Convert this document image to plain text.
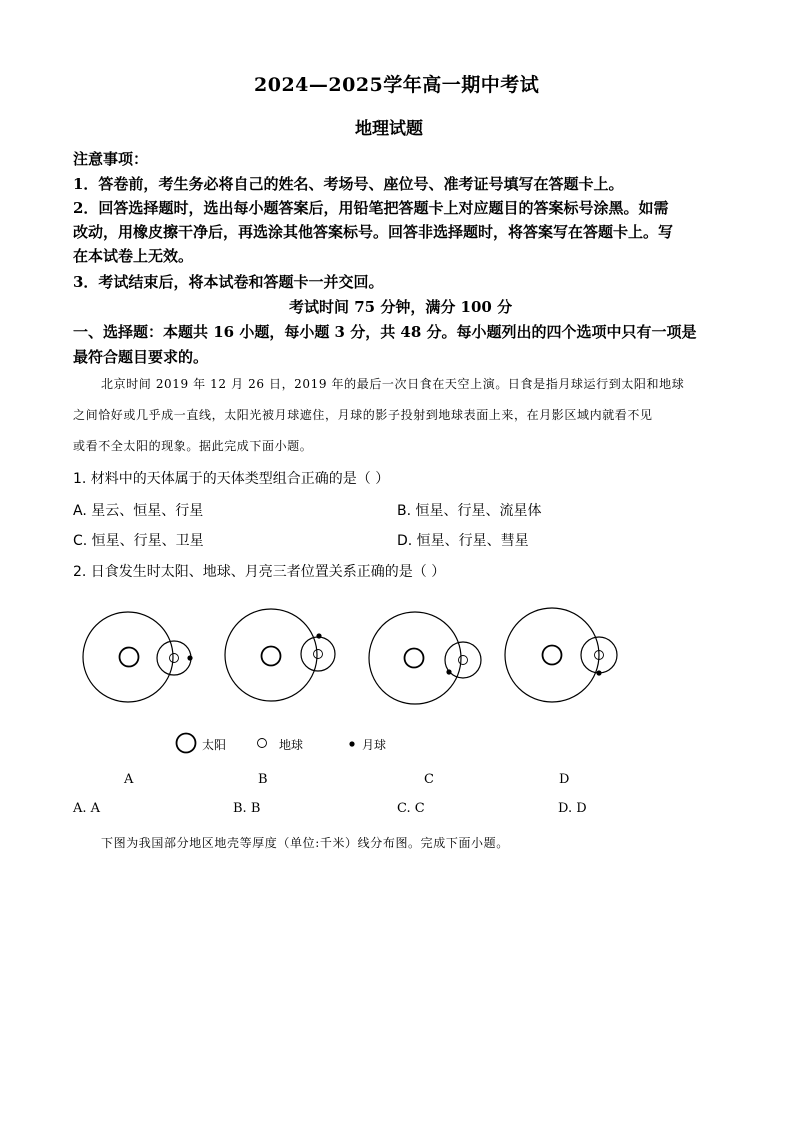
2024—2025学年高一期中考试
地理试题
注意事项：
1．答卷前，考生务必将自己的姓名、考场号、座位号、准考证号填写在答题卡上。
2．回答选择题时，选出每小题答案后，用铅笔把答题卡上对应题目的答案标号涂黑。如需
改动，用橡皮擦干净后，再选涂其他答案标号。回答非选择题时，将答案写在答题卡上。写
在本试卷上无效。
3．考试结束后，将本试卷和答题卡一并交回。
考试时间 75 分钟，满分 100 分
一、选择题：本题共 16 小题，每小题 3 分，共 48 分。每小题列出的四个选项中只有一项是
最符合题目要求的。
北京时间 2019 年 12 月 26 日，2019 年的最后一次日食在天空上演。日食是指月球运行到太阳和地球
之间恰好或几乎成一直线，太阳光被月球遮住，月球的影子投射到地球表面上来，在月影区域内就看不见
或看不全太阳的现象。据此完成下面小题。
1. 材料中的天体属于的天体类型组合正确的是（ ）
A. 星云、恒星、行星	B. 恒星、行星、流星体
C. 恒星、行星、卫星	D. 恒星、行星、彗星
2. 日食发生时太阳、地球、月亮三者位置关系正确的是（ ）
太阳	地球	月球
A	B	C	D
A. A	B. B	C. C	D. D
下图为我国部分地区地壳等厚度（单位:千米）线分布图。完成下面小题。
